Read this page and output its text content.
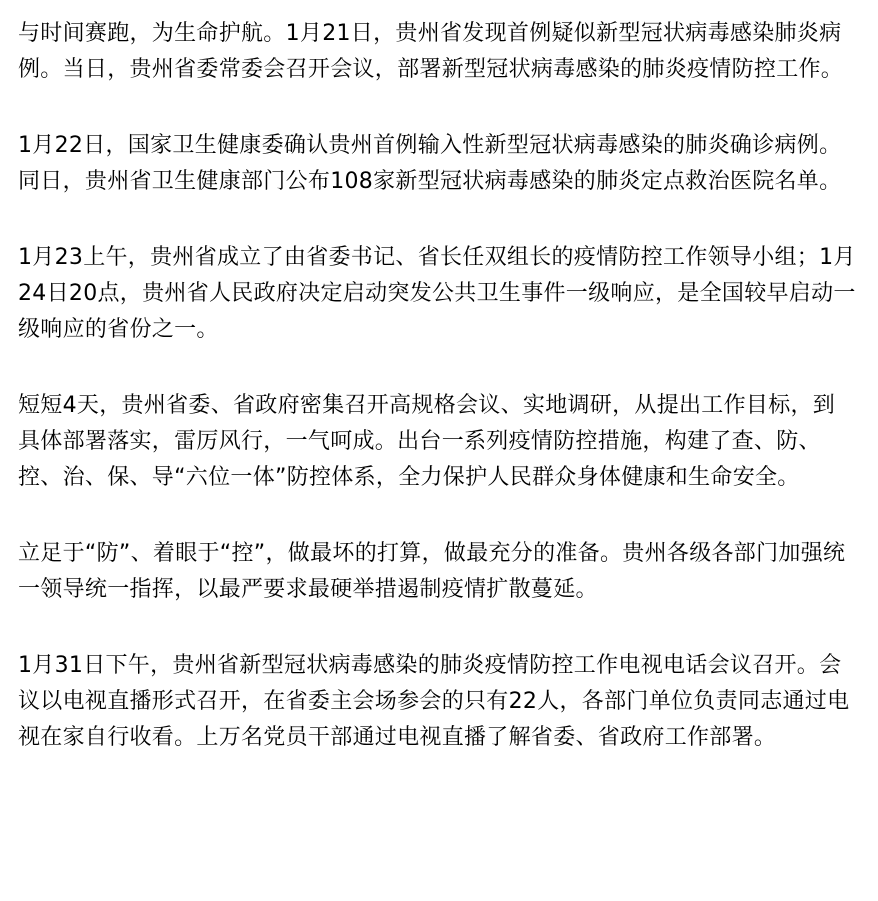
与时间赛跑，为生命护航。1月21日，贵州省发现首例疑似新型冠状病毒感染肺炎病例。当日，贵州省委常委会召开会议，部署新型冠状病毒感染的肺炎疫情防控工作。

1月22日，国家卫生健康委确认贵州首例输入性新型冠状病毒感染的肺炎确诊病例。同日，贵州省卫生健康部门公布108家新型冠状病毒感染的肺炎定点救治医院名单。

1月23上午，贵州省成立了由省委书记、省长任双组长的疫情防控工作领导小组；1月24日20点，贵州省人民政府决定启动突发公共卫生事件一级响应，是全国较早启动一级响应的省份之一。

短短4天，贵州省委、省政府密集召开高规格会议、实地调研，从提出工作目标，到具体部署落实，雷厉风行，一气呵成。出台一系列疫情防控措施，构建了查、防、控、治、保、导“六位一体”防控体系，全力保护人民群众身体健康和生命安全。

立足于“防”、着眼于“控”，做最坏的打算，做最充分的准备。贵州各级各部门加强统一领导统一指挥，以最严要求最硬举措遏制疫情扩散蔓延。

1月31日下午，贵州省新型冠状病毒感染的肺炎疫情防控工作电视电话会议召开。会议以电视直播形式召开，在省委主会场参会的只有22人，各部门单位负责同志通过电视在家自行收看。上万名党员干部通过电视直播了解省委、省政府工作部署。
